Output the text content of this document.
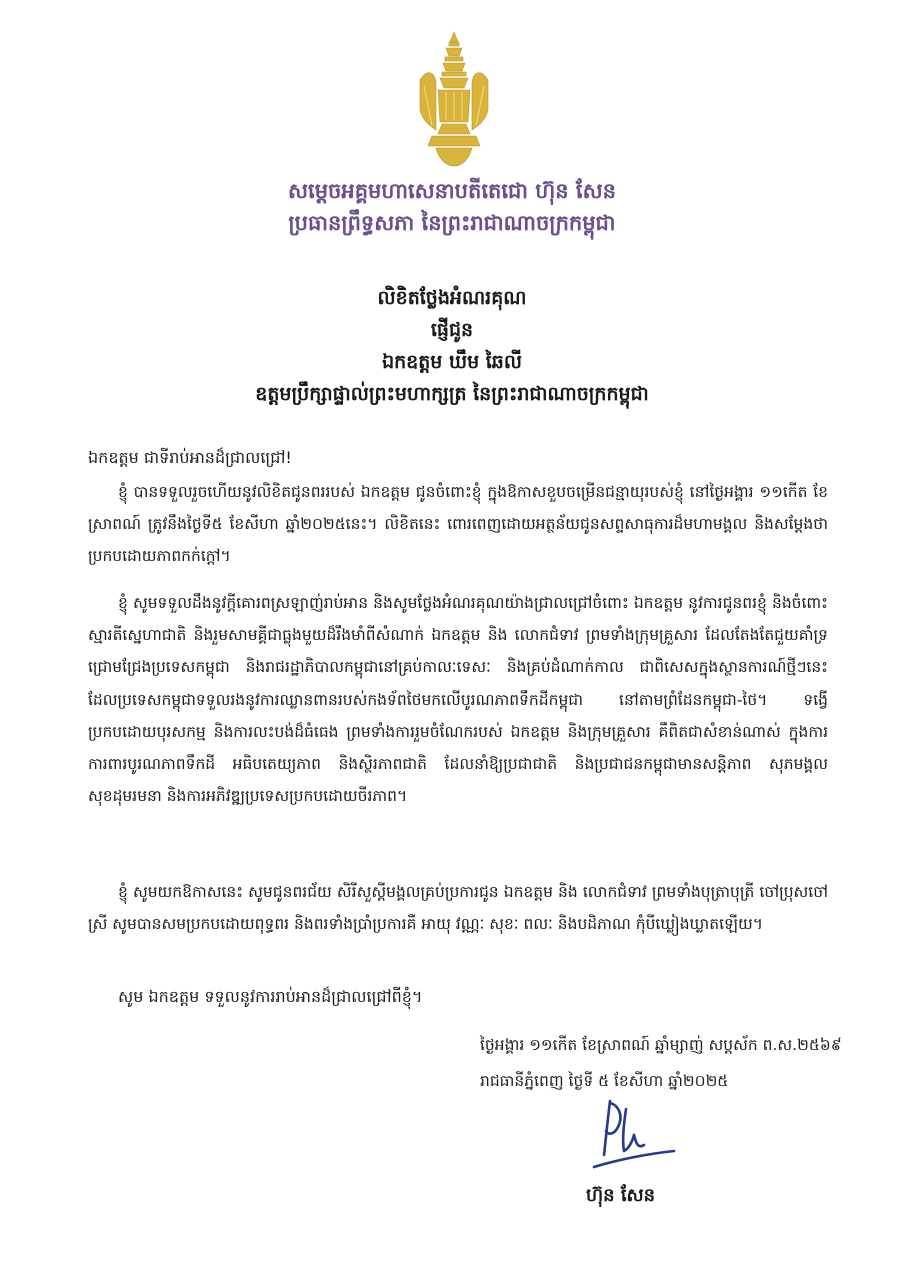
សម្ដេចអគ្គមហាសេនាបតីតេជោ ហ៊ុន សែន
ប្រធានព្រឹទ្ធសភា នៃព្រះរាជាណាចក្រកម្ពុជា
លិខិតថ្លែងអំណរគុណ
ផ្ញើជូន
ឯកឧត្តម ឃឹម ឆៃលី
ឧត្តមប្រឹក្សាផ្ទាល់ព្រះមហាក្សត្រ នៃព្រះរាជាណាចក្រកម្ពុជា
ឯកឧត្តម ជាទីរាប់អានដ៏ជ្រាលជ្រៅ!

ខ្ញុំ បានទទួលរួចហើយនូវលិខិតជូនពររបស់ ឯកឧត្តម ជូនចំពោះខ្ញុំ ក្នុងឱកាសខួបចម្រើនជន្មាយុរបស់ខ្ញុំ នៅថ្ងៃអង្គារ ១១កើត ខែស្រាពណ៍ ត្រូវនឹងថ្ងៃទី៥ ខែសីហា ឆ្នាំ២០២៥នេះ។ លិខិតនេះ ពោរពេញដោយអត្ថន័យជូនសព្ទសាធុការដ៏មហាមង្គល និងសម្ដែងថាប្រកបដោយភាពកក់ក្ដៅ។

ខ្ញុំ សូមទទួលដឹងនូវក្ដីគោរពស្រឡាញ់រាប់អាន និងសូមថ្លែងអំណរគុណយ៉ាងជ្រាលជ្រៅចំពោះ ឯកឧត្តម នូវការជូនពរខ្ញុំ និងចំពោះស្មារតីស្នេហាជាតិ និងរួមសាមគ្គីជាធ្លុងមួយដ៏រឹងមាំពីសំណាក់ ឯកឧត្តម និង លោកជំទាវ ព្រមទាំងក្រុមគ្រួសារ ដែលតែងតែជួយគាំទ្រជ្រោមជ្រែងប្រទេសកម្ពុជា និងរាជរដ្ឋាភិបាលកម្ពុជានៅគ្រប់កាលៈទេសៈ និងគ្រប់ដំណាក់កាល ជាពិសេសក្នុងស្ថានការណ៍ថ្មីៗនេះ ដែលប្រទេសកម្ពុជាទទួលរងនូវការឈ្លានពានរបស់កងទ័ពថៃមកលើបូរណភាពទឹកដីកម្ពុជា នៅតាមព្រំដែនកម្ពុជា-ថៃ។ ទង្វើប្រកបដោយបុរសកម្ម និងការលះបង់ដ៏ធំធេង ព្រមទាំងការរួមចំណែករបស់ ឯកឧត្តម និងក្រុមគ្រួសារ គឺពិតជាសំខាន់ណាស់ ក្នុងការការពារបូរណភាពទឹកដី អធិបតេយ្យភាព និងស្ថិរភាពជាតិ ដែលនាំឱ្យប្រជាជាតិ និងប្រជាជនកម្ពុជាមានសន្តិភាព សុភមង្គល សុខដុមរមនា និងការអភិវឌ្ឍប្រទេសប្រកបដោយចីរភាព។

ខ្ញុំ សូមយកឱកាសនេះ សូមជូនពរជ័យ សិរីសួស្ដីមង្គលគ្រប់ប្រការជូន ឯកឧត្តម និង លោកជំទាវ ព្រមទាំងបុត្រាបុត្រី ចៅប្រុសចៅស្រី សូមបានសមប្រកបដោយពុទ្ធពរ និងពរទាំងប្រាំប្រការគឺ អាយុ វណ្ណៈ សុខៈ ពលៈ និងបដិភាណ កុំបីឃ្លៀងឃ្លាតឡើយ។

សូម ឯកឧត្តម ទទួលនូវការរាប់អានដ៏ជ្រាលជ្រៅពីខ្ញុំ។
ថ្ងៃអង្គារ ១១កើត ខែស្រាពណ៍ ឆ្នាំម្សាញ់ សប្តស័ក ព.ស.២៥៦៩
រាជធានីភ្នំពេញ ថ្ងៃទី ៥ ខែសីហា ឆ្នាំ២០២៥
ហ៊ុន សែន
